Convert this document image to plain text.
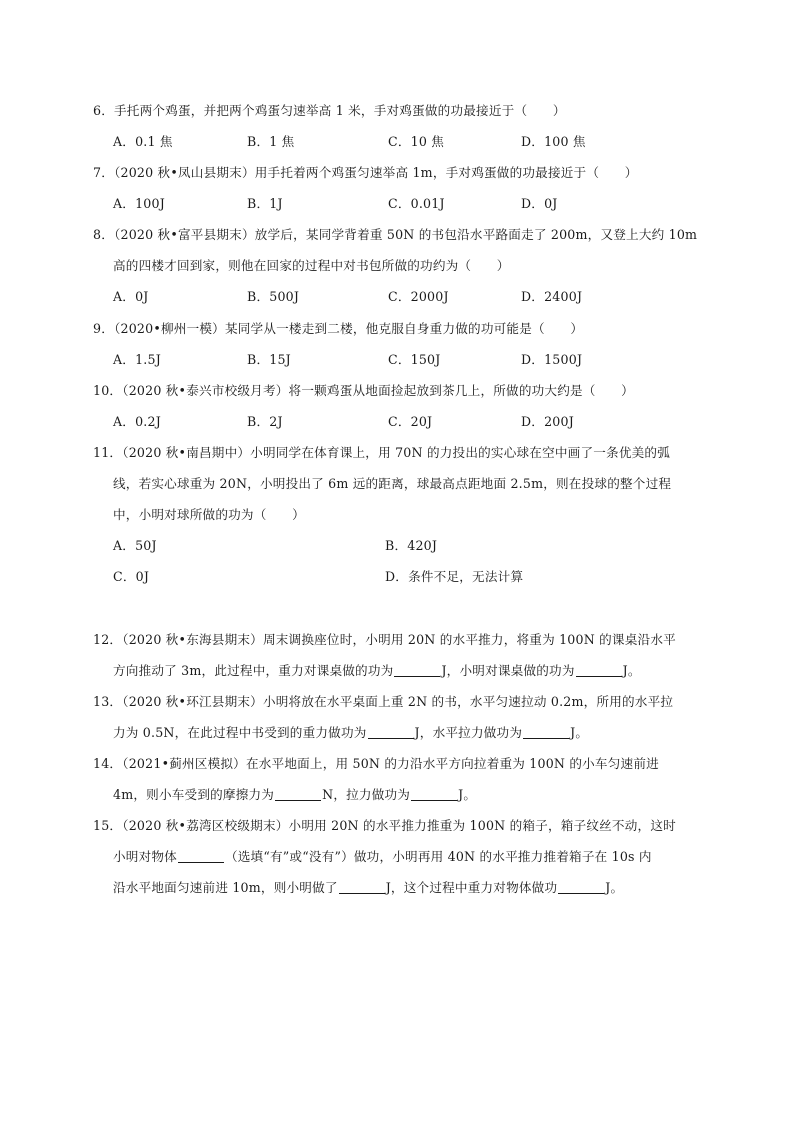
6．手托两个鸡蛋，并把两个鸡蛋匀速举高 1 米，手对鸡蛋做的功最接近于（　　）
A．0.1 焦	B．1 焦	C．10 焦	D．100 焦
7．（2020 秋•凤山县期末）用手托着两个鸡蛋匀速举高 1m，手对鸡蛋做的功最接近于（　　）
A．100J	B．1J	C．0.01J	D．0J
8．（2020 秋•富平县期末）放学后，某同学背着重 50N 的书包沿水平路面走了 200m，又登上大约 10m
高的四楼才回到家，则他在回家的过程中对书包所做的功约为（　　）
A．0J	B．500J	C．2000J	D．2400J
9．（2020•柳州一模）某同学从一楼走到二楼，他克服自身重力做的功可能是（　　）
A．1.5J	B．15J	C．150J	D．1500J
10．（2020 秋•泰兴市校级月考）将一颗鸡蛋从地面捡起放到茶几上，所做的功大约是（　　）
A．0.2J	B．2J	C．20J	D．200J
11．（2020 秋•南昌期中）小明同学在体育课上，用 70N 的力投出的实心球在空中画了一条优美的弧
线，若实心球重为 20N，小明投出了 6m 远的距离，球最高点距地面 2.5m，则在投球的整个过程
中，小明对球所做的功为（　　）
A．50J	B．420J
C．0J	D．条件不足，无法计算
12．（2020 秋•东海县期末）周末调换座位时，小明用 20N 的水平推力，将重为 100N 的课桌沿水平
方向推动了 3m，此过程中，重力对课桌做的功为	J，小明对课桌做的功为	J。
13．（2020 秋•环江县期末）小明将放在水平桌面上重 2N 的书，水平匀速拉动 0.2m，所用的水平拉
力为 0.5N，在此过程中书受到的重力做功为	J，水平拉力做功为	J。
14．（2021•蓟州区模拟）在水平地面上，用 50N 的力沿水平方向拉着重为 100N 的小车匀速前进
4m，则小车受到的摩擦力为	N，拉力做功为	J。
15．（2020 秋•荔湾区校级期末）小明用 20N 的水平推力推重为 100N 的箱子，箱子纹丝不动，这时
小明对物体	（选填“有”或“没有”）做功，小明再用 40N 的水平推力推着箱子在 10s 内
沿水平地面匀速前进 10m，则小明做了	J，这个过程中重力对物体做功	J。
